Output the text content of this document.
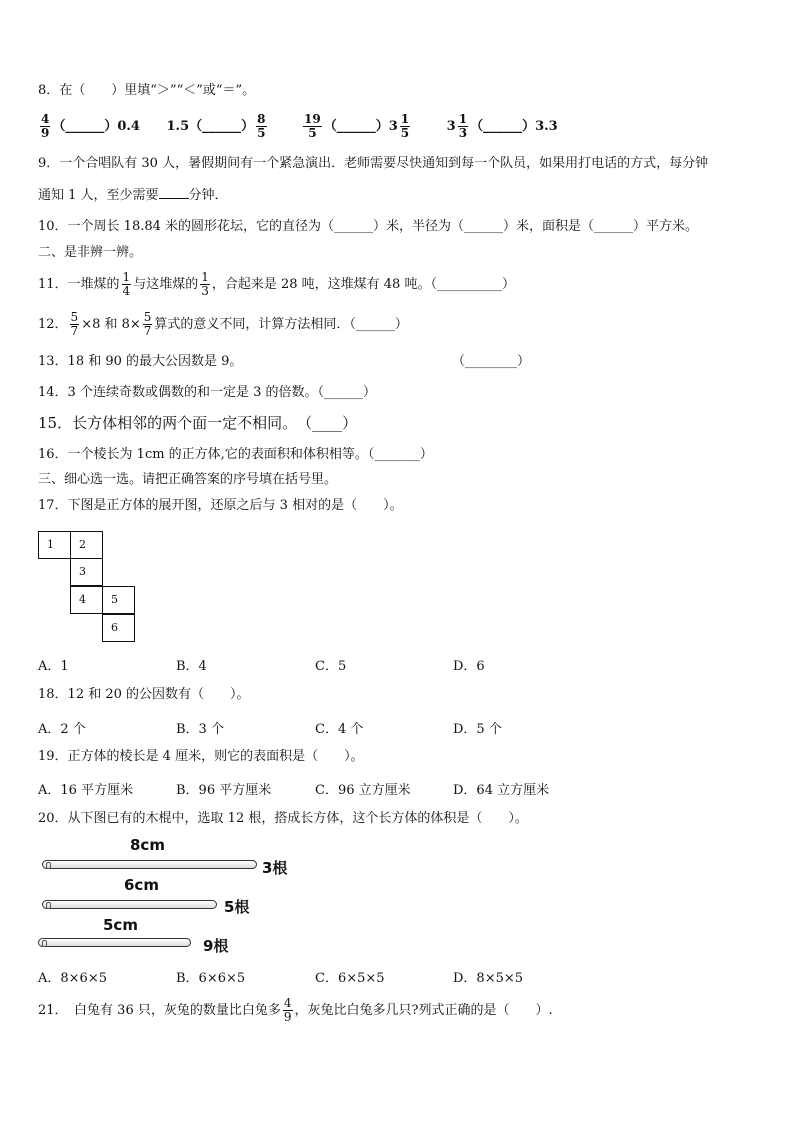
8．在（　　）里填“＞”“＜”或“＝”。
$\frac{4}{9}$ （______）0.4 1.5（______） $\frac{8}{5}$
	$\frac{19}{5}$ （______）3 $\frac{1}{5}$	$3 \frac{1}{3}$ （______）3.3
9．一个合唱队有 30 人，暑假期间有一个紧急演出．老师需要尽快通知到每一个队员，如果用打电话的方式，每分钟
通知 1 人，至少需要 分钟．
10．一个周长 18.84 米的圆形花坛，它的直径为（______）米，半径为（______）米，面积是（______）平方米。
二、是非辨一辨。
11．一堆煤的 $\frac{1}{4}$ 与这堆煤的 $\frac{1}{3}$ ，合起来是 28 吨，这堆煤有 48 吨。（__________）
12． $\frac{5}{7} \times 8$ 和 $8\times \frac{5}{7}$ 算式的意义不同，计算方法相同．（______）
13．18 和 90 的最大公因数是 9。	（________）
14．3 个连续奇数或偶数的和一定是 3 的倍数。（______）
15．长方体相邻的两个面一定不相同。　（____）
16．一个棱长为 1cm 的正方体,它的表面积和体积相等。（_______）
三、细心选一选。请把正确答案的序号填在括号里。
17．下图是正方体的展开图，还原之后与 3 相对的是（　　）。
1	2
3
4	5
6
A．1	B．4	C．5	D．6
18．12 和 20 的公因数有（　　）。
A．2 个	B．3 个	C．4 个	D．5 个
19．正方体的棱长是 4 厘米，则它的表面积是（　　）。
A．16 平方厘米	B．96 平方厘米	C．96 立方厘米	D．64 立方厘米
20．从下图已有的木棍中，选取 12 根，搭成长方体，这个长方体的体积是（　　）。
8cm
3根
6cm
5根
5cm
9根
A．8×6×5	B．6×6×5	C．6×5×5	D．8×5×5
21．　白兔有 36 只，灰兔的数量比白兔多 $\frac{4}{9}$ ，灰兔比白兔多几只?列式正确的是（　　）.
